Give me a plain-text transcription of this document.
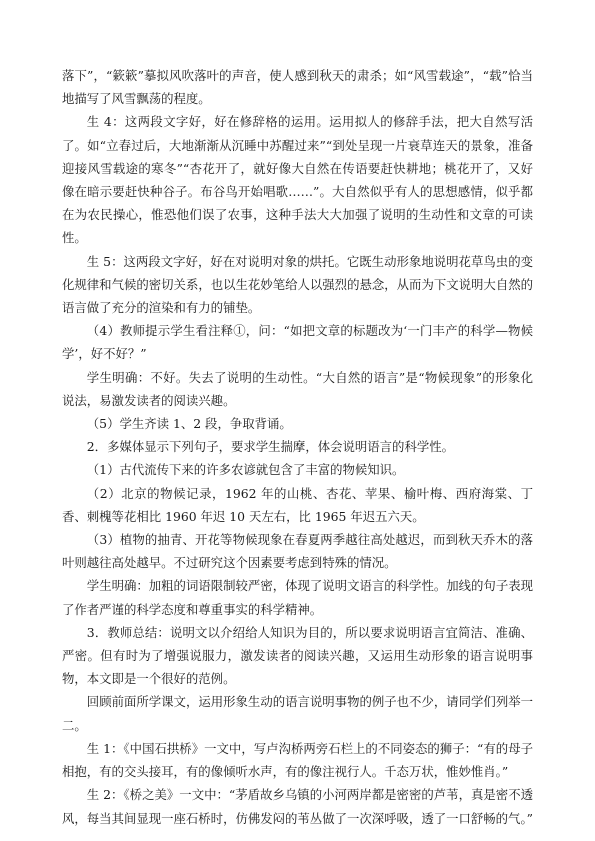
落下”，“簌簌”摹拟风吹落叶的声音，使人感到秋天的肃杀；如“风雪载途”，“载”恰当地描写了风雪飘荡的程度。

生 4：这两段文字好，好在修辞格的运用。运用拟人的修辞手法，把大自然写活了。如“立春过后，大地渐渐从沉睡中苏醒过来”“到处呈现一片衰草连天的景象，准备迎接风雪载途的寒冬”“杏花开了，就好像大自然在传语要赶快耕地；桃花开了，又好像在暗示要赶快种谷子。布谷鸟开始唱歌……”。大自然似乎有人的思想感情，似乎都在为农民操心，惟恐他们误了农事，这种手法大大加强了说明的生动性和文章的可读性。

生 5：这两段文字好，好在对说明对象的烘托。它既生动形象地说明花草鸟虫的变化规律和气候的密切关系，也以生花妙笔给人以强烈的悬念，从而为下文说明大自然的语言做了充分的渲染和有力的铺垫。

（4）教师提示学生看注释①，问：“如把文章的标题改为‘一门丰产的科学—物候学’，好不好？”

学生明确：不好。失去了说明的生动性。“大自然的语言”是“物候现象”的形象化说法，易激发读者的阅读兴趣。

（5）学生齐读 1、2 段，争取背诵。

2．多媒体显示下列句子，要求学生揣摩，体会说明语言的科学性。

（1）古代流传下来的许多农谚就包含了丰富的物候知识。

（2）北京的物候记录，1962 年的山桃、杏花、苹果、榆叶梅、西府海棠、丁香、刺槐等花相比 1960 年迟 10 天左右，比 1965 年迟五六天。

（3）植物的抽青、开花等物候现象在春夏两季越往高处越迟，而到秋天乔木的落叶则越往高处越早。不过研究这个因素要考虑到特殊的情况。

学生明确：加粗的词语限制较严密，体现了说明文语言的科学性。加线的句子表现了作者严谨的科学态度和尊重事实的科学精神。

3．教师总结：说明文以介绍给人知识为目的，所以要求说明语言宜简洁、准确、严密。但有时为了增强说服力，激发读者的阅读兴趣，又运用生动形象的语言说明事物，本文即是一个很好的范例。

回顾前面所学课文，运用形象生动的语言说明事物的例子也不少，请同学们列举一二。

生 1：《中国石拱桥》一文中，写卢沟桥两旁石栏上的不同姿态的狮子：“有的母子相抱，有的交头接耳，有的像倾听水声，有的像注视行人。千态万状，惟妙惟肖。”

生 2：《桥之美》一文中：“茅盾故乡乌镇的小河两岸都是密密的芦苇，真是密不透风，每当其间显现一座石桥时，仿佛发闷的苇丛做了一次深呼吸，透了一口舒畅的气。”
